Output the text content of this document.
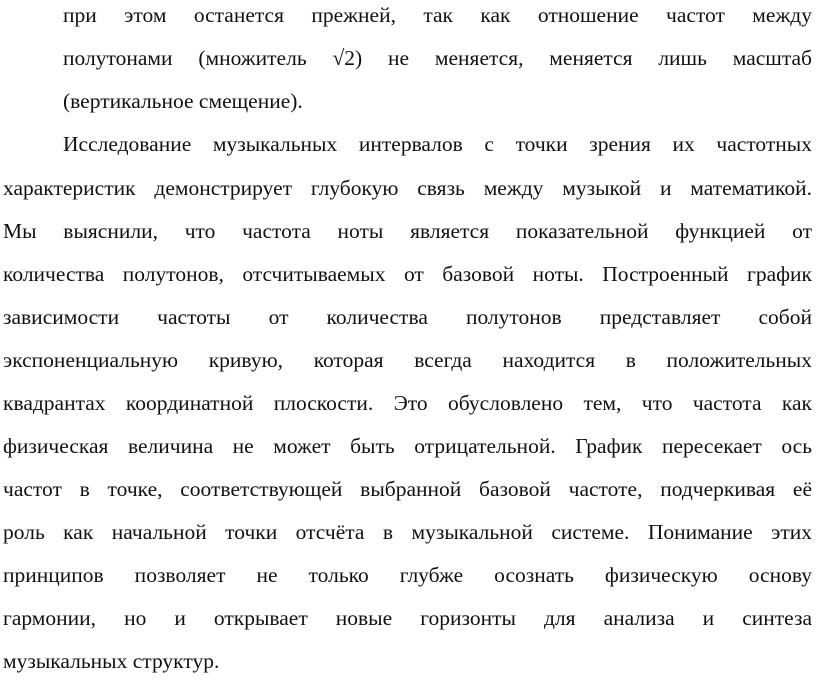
при этом останется прежней, так как отношение частот между
полутонами (множитель √2) не меняется, меняется лишь масштаб
(вертикальное смещение).
Исследование музыкальных интервалов с точки зрения их частотных
характеристик демонстрирует глубокую связь между музыкой и математикой.
Мы выяснили, что частота ноты является показательной функцией от
количества полутонов, отсчитываемых от базовой ноты. Построенный график
зависимости частоты от количества полутонов представляет собой
экспоненциальную кривую, которая всегда находится в положительных
квадрантах координатной плоскости. Это обусловлено тем, что частота как
физическая величина не может быть отрицательной. График пересекает ось
частот в точке, соответствующей выбранной базовой частоте, подчеркивая её
роль как начальной точки отсчёта в музыкальной системе. Понимание этих
принципов позволяет не только глубже осознать физическую основу
гармонии, но и открывает новые горизонты для анализа и синтеза
музыкальных структур.
